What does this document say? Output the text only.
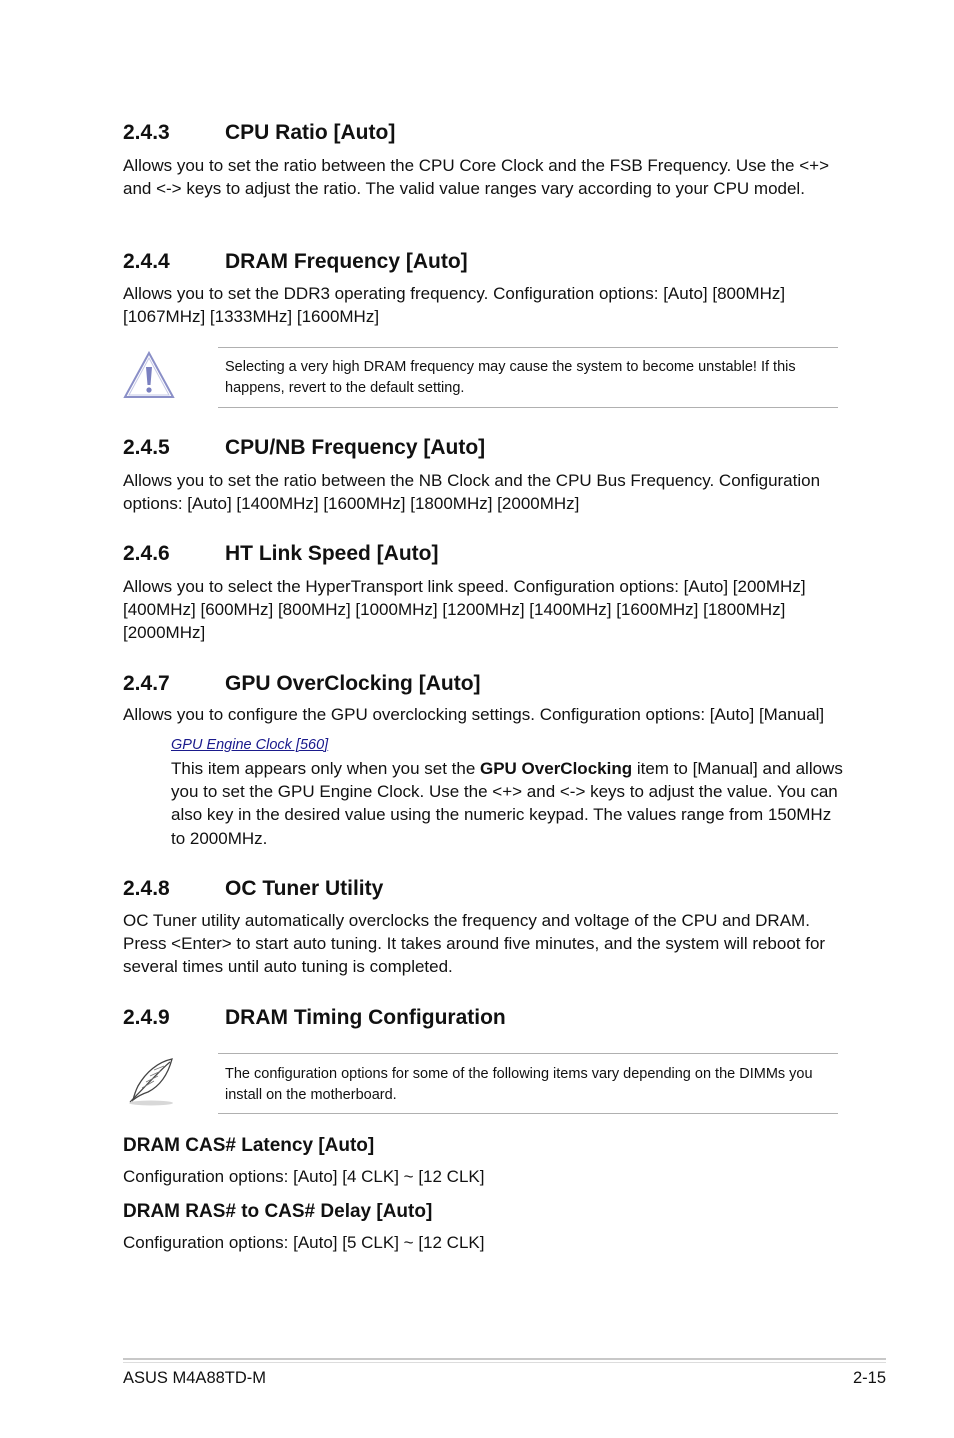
2.4.3	CPU Ratio [Auto]
Allows you to set the ratio between the CPU Core Clock and the FSB Frequency. Use the <+> and <-> keys to adjust the ratio. The valid value ranges vary according to your CPU model.
2.4.4	DRAM Frequency [Auto]
Allows you to set the DDR3 operating frequency. Configuration options: [Auto] [800MHz] [1067MHz] [1333MHz] [1600MHz]
Selecting a very high DRAM frequency may cause the system to become unstable! If this happens, revert to the default setting.
2.4.5	CPU/NB Frequency [Auto]
Allows you to set the ratio between the NB Clock and the CPU Bus Frequency. Configuration options: [Auto] [1400MHz] [1600MHz] [1800MHz] [2000MHz]
2.4.6	HT Link Speed [Auto]
Allows you to select the HyperTransport link speed. Configuration options: [Auto] [200MHz] [400MHz] [600MHz] [800MHz] [1000MHz] [1200MHz] [1400MHz] [1600MHz] [1800MHz] [2000MHz]
2.4.7	GPU OverClocking [Auto]
Allows you to configure the GPU overclocking settings. Configuration options: [Auto] [Manual]
GPU Engine Clock [560]
This item appears only when you set the GPU OverClocking item to [Manual] and allows you to set the GPU Engine Clock. Use the <+> and <-> keys to adjust the value. You can also key in the desired value using the numeric keypad. The values range from 150MHz to 2000MHz.
2.4.8	OC Tuner Utility
OC Tuner utility automatically overclocks the frequency and voltage of the CPU and DRAM. Press <Enter> to start auto tuning. It takes around five minutes, and the system will reboot for several times until auto tuning is completed.
2.4.9	DRAM Timing Configuration
The configuration options for some of the following items vary depending on the DIMMs you install on the motherboard.
DRAM CAS# Latency [Auto]
Configuration options: [Auto] [4 CLK] ~ [12 CLK]
DRAM RAS# to CAS# Delay [Auto]
Configuration options: [Auto] [5 CLK] ~ [12 CLK]
ASUS M4A88TD-M	2-15
